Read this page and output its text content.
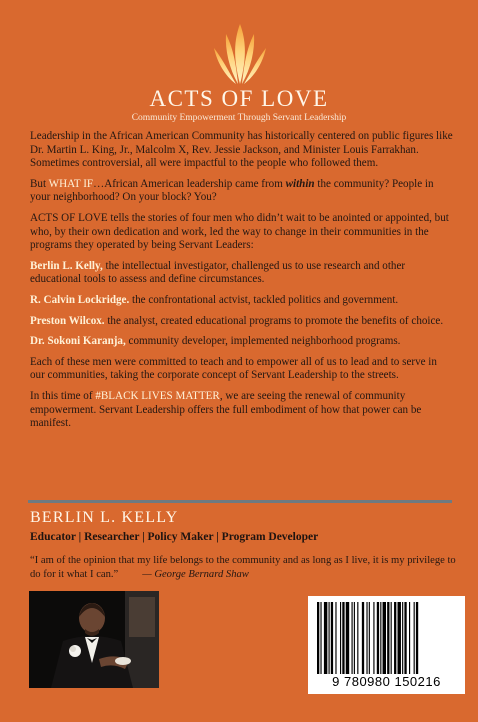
ACTS OF LOVE
Community Empowerment Through Servant Leadership

Leadership in the African American Community has historically centered on public figures like Dr. Martin L. King, Jr., Malcolm X, Rev. Jessie Jackson, and Minister Louis Farrakhan. Sometimes controversial, all were impactful to the people who followed them.

But WHAT IF…African American leadership came from within the community? People in your neighborhood? On your block? You?

ACTS OF LOVE tells the stories of four men who didn’t wait to be anointed or appointed, but who, by their own dedication and work, led the way to change in their communities in the programs they operated by being Servant Leaders:

Berlin L. Kelly, the intellectual investigator, challenged us to use research and other educational tools to assess and define circumstances.

R. Calvin Lockridge. the confrontational actvist, tackled politics and government.

Preston Wilcox. the analyst, created educational programs to promote the benefits of choice.

Dr. Sokoni Karanja, community developer, implemented neighborhood programs.

Each of these men were committed to teach and to empower all of us to lead and to serve in our communities, taking the corporate concept of Servant Leadership to the streets.

In this time of #BLACK LIVES MATTER, we are seeing the renewal of community empowerment. Servant Leadership offers the full embodiment of how that power can be manifest.

BERLIN L. KELLY
Educator | Researcher | Policy Maker | Program Developer
“I am of the opinion that my life belongs to the community and as long as I live, it is my privilege to do for it what I can.” — George Bernard Shaw
9 780980 150216
